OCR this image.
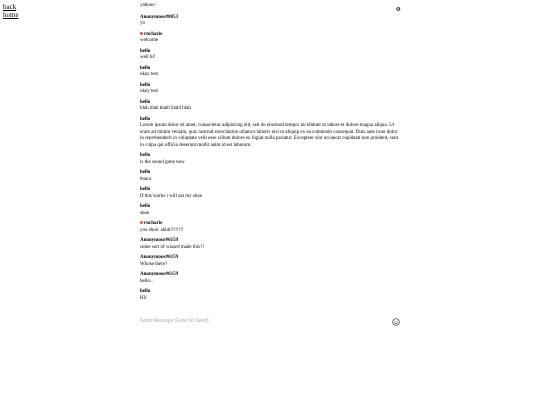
back
home
yahooo
Anonymous#8053
yo
rncharie
welcome
hello
well hi!
hello
okay test
hello
okey test
hello
blah blah blahl blahl blah
hello
Lorem ipsum dolor sit amet, consectetur adipiscing elit, sed do eiusmod tempor incididunt ut labore et dolore magna aliqua. Ut enim ad minim veniam, quis nostrud exercitation ullamco laboris nisi ut aliquip ex ea commodo consequat. Duis aute irure dolor in reprehenderit in voluptate velit esse cillum dolore eu fugiat nulla pariatur. Excepteur sint occaecat cupidatat non proident, sunt in culpa qui officia deserunt mollit anim id est laborum.
hello
is the sound gone now
hello
#anra
hello
If this works i will eat my shoe
hello
shoe
rncharie
you shoe: ahhh!!!!!!!!
Anonymous#6159
some sort of wizard made this?!
Anonymous#6159
Whose there?
Anonymous#6159
hello...
hello
HI!
Send Message (Enter to Send)
